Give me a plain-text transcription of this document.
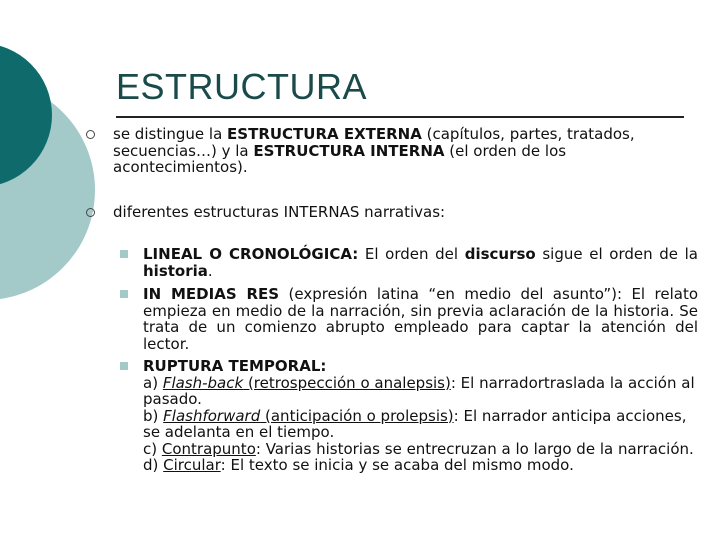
ESTRUCTURA
se distingue la ESTRUCTURA EXTERNA (capítulos, partes, tratados, secuencias…) y la ESTRUCTURA INTERNA (el orden de los acontecimientos).
diferentes estructuras INTERNAS narrativas:
LINEAL O CRONOLÓGICA: El orden del discurso sigue el orden de la historia.
IN MEDIAS RES (expresión latina “en medio del asunto”): El relato empieza en medio de la narración, sin previa aclaración de la historia. Se trata de un comienzo abrupto empleado para captar la atención del lector.
RUPTURA TEMPORAL:
a) Flash-back (retrospección o analepsis): El narradortraslada la acción al pasado.
b) Flashforward (anticipación o prolepsis): El narrador anticipa acciones, se adelanta en el tiempo.
c) Contrapunto: Varias historias se entrecruzan a lo largo de la narración.
d) Circular: El texto se inicia y se acaba del mismo modo.
